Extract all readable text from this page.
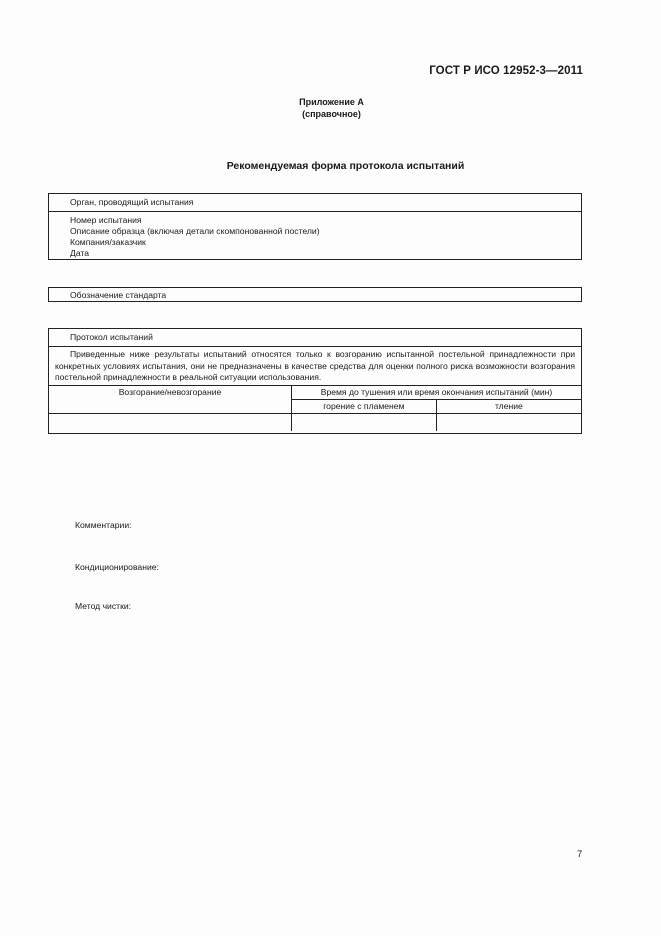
ГОСТ Р ИСО 12952-3—2011
Приложение А
(справочное)
Рекомендуемая форма протокола испытаний
Орган, проводящий испытания
Номер испытания
Описание образца (включая детали скомпонованной постели)
Компания/заказчик
Дата
Обозначение стандарта
Протокол испытаний
Приведенные ниже результаты испытаний относятся только к возгоранию испытанной постельной принадлежности при конкретных условиях испытания, они не предназначены в качестве средства для оценки полного риска возможности возгорания постельной принадлежности в реальной ситуации использования.
Возгорание/невозгорание	Время до тушения или время окончания испытаний (мин)	
	горение с пламенем	тление

Комментарии:
Кондиционирование:
Метод чистки:
7
